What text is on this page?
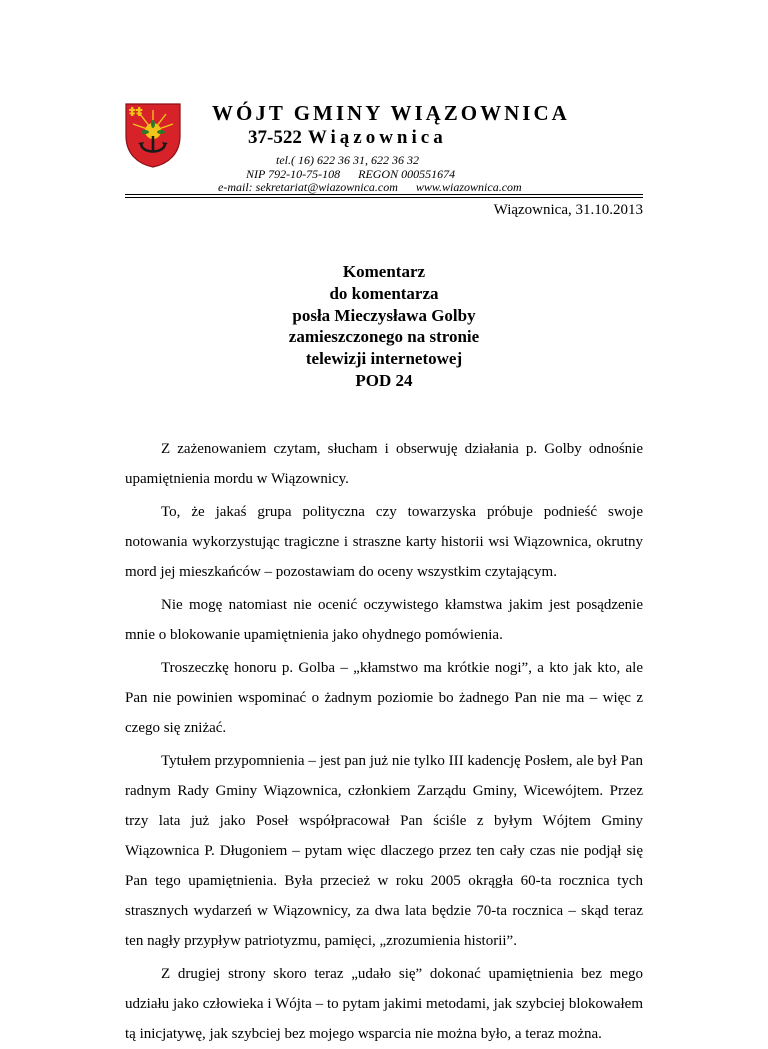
WÓJT GMINY WIĄZOWNICA

37-522 Wiązownica

tel.( 16) 622 36 31, 622 36 32

NIP 792-10-75-108 REGON 000551674

e-mail: sekretariat@wiazownica.com www.wiazownica.com

Wiązownica, 31.10.2013

Komentarz
do komentarza
posła Mieczysława Golby
zamieszczonego na stronie
telewizji internetowej
POD 24

Z zażenowaniem czytam, słucham i obserwuję działania p. Golby odnośnie upamiętnienia mordu w Wiązownicy.

To, że jakaś grupa polityczna czy towarzyska próbuje podnieść swoje notowania wykorzystując tragiczne i straszne karty historii wsi Wiązownica, okrutny mord jej mieszkańców – pozostawiam do oceny wszystkim czytającym.

Nie mogę natomiast nie ocenić oczywistego kłamstwa jakim jest posądzenie mnie o blokowanie upamiętnienia jako ohydnego pomówienia.

Troszeczkę honoru p. Golba – „kłamstwo ma krótkie nogi”, a kto jak kto, ale Pan nie powinien wspominać o żadnym poziomie bo żadnego Pan nie ma – więc z czego się zniżać.

Tytułem przypomnienia – jest pan już nie tylko III kadencję Posłem, ale był Pan radnym Rady Gminy Wiązownica, członkiem Zarządu Gminy, Wicewójtem. Przez trzy lata już jako Poseł współpracował Pan ściśle z byłym Wójtem Gminy Wiązownica P. Długoniem – pytam więc dlaczego przez ten cały czas nie podjął się Pan tego upamiętnienia. Była przecież w roku 2005 okrągła 60-ta rocznica tych strasznych wydarzeń w Wiązownicy, za dwa lata będzie 70-ta rocznica – skąd teraz ten nagły przypływ patriotyzmu, pamięci, „zrozumienia historii”.

Z drugiej strony skoro teraz „udało się” dokonać upamiętnienia bez mego udziału jako człowieka i Wójta – to pytam jakimi metodami, jak szybciej blokowałem tą inicjatywę, jak szybciej bez mojego wsparcia nie można było, a teraz można.
